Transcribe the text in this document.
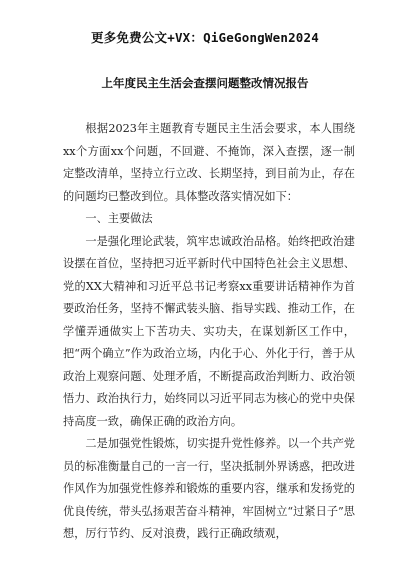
更多免费公文+VX：QiGeGongWen2024
上年度民主生活会查摆问题整改情况报告

根据2023年主题教育专题民主生活会要求，本人围绕xx个方面xx个问题，不回避、不掩饰，深入查摆，逐一制定整改清单，坚持立行立改、长期坚持，到目前为止，存在的问题均已整改到位。具体整改落实情况如下：

一、主要做法

一是强化理论武装，筑牢忠诚政治品格。始终把政治建设摆在首位，坚持把习近平新时代中国特色社会主义思想、党的XX大精神和习近平总书记考察xx重要讲话精神作为首要政治任务，坚持不懈武装头脑、指导实践、推动工作，在学懂弄通做实上下苦功夫、实功夫，在谋划新区工作中，把“两个确立”作为政治立场，内化于心、外化于行，善于从政治上观察问题、处理矛盾，不断提高政治判断力、政治领悟力、政治执行力，始终同以习近平同志为核心的党中央保持高度一致，确保正确的政治方向。

二是加强党性锻炼，切实提升党性修养。以一个共产党员的标准衡量自己的一言一行，坚决抵制外界诱惑，把改进作风作为加强党性修养和锻炼的重要内容，继承和发扬党的优良传统，带头弘扬艰苦奋斗精神，牢固树立“过紧日子”思想，厉行节约、反对浪费，践行正确政绩观，
